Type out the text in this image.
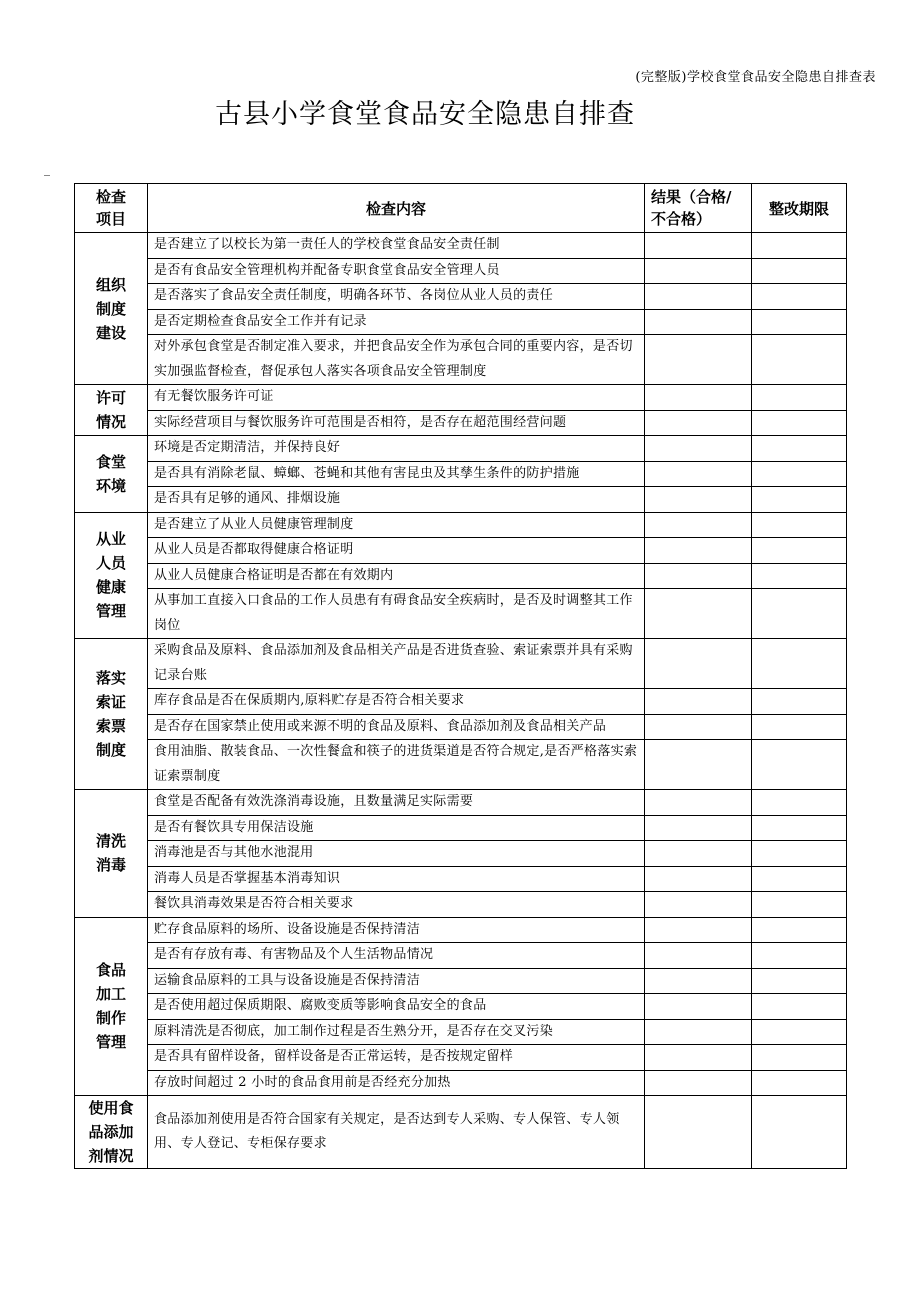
(完整版)学校食堂食品安全隐患自排查表
古县小学食堂食品安全隐患自排查
_
检查
项目	检查内容	结果（合格/不合格）	整改期限
组织
制度
建设	是否建立了以校长为第一责任人的学校食堂食品安全责任制		
	是否有食品安全管理机构并配备专职食堂食品安全管理人员		
	是否落实了食品安全责任制度，明确各环节、各岗位从业人员的责任		
	是否定期检查食品安全工作并有记录		
	对外承包食堂是否制定准入要求，并把食品安全作为承包合同的重要内容，是否切实加强监督检查，督促承包人落实各项食品安全管理制度		
许可
情况	有无餐饮服务许可证		
	实际经营项目与餐饮服务许可范围是否相符，是否存在超范围经营问题		
食堂
环境	环境是否定期清洁，并保持良好		
	是否具有消除老鼠、蟑螂、苍蝇和其他有害昆虫及其孳生条件的防护措施		
	是否具有足够的通风、排烟设施		
从业
人员
健康
管理	是否建立了从业人员健康管理制度		
	从业人员是否都取得健康合格证明		
	从业人员健康合格证明是否都在有效期内		
	从事加工直接入口食品的工作人员患有有碍食品安全疾病时，是否及时调整其工作岗位		
落实
索证
索票
制度	采购食品及原料、食品添加剂及食品相关产品是否进货查验、索证索票并具有采购记录台账		
	库存食品是否在保质期内,原料贮存是否符合相关要求		
	是否存在国家禁止使用或来源不明的食品及原料、食品添加剂及食品相关产品		
	食用油脂、散装食品、一次性餐盒和筷子的进货渠道是否符合规定,是否严格落实索证索票制度		
清洗
消毒	食堂是否配备有效洗涤消毒设施，且数量满足实际需要		
	是否有餐饮具专用保洁设施		
	消毒池是否与其他水池混用		
	消毒人员是否掌握基本消毒知识		
	餐饮具消毒效果是否符合相关要求		
食品
加工
制作
管理	贮存食品原料的场所、设备设施是否保持清洁		
	是否有存放有毒、有害物品及个人生活物品情况		
	运输食品原料的工具与设备设施是否保持清洁		
	是否使用超过保质期限、腐败变质等影响食品安全的食品		
	原料清洗是否彻底，加工制作过程是否生熟分开，是否存在交叉污染		
	是否具有留样设备，留样设备是否正常运转，是否按规定留样		
	存放时间超过 2 小时的食品食用前是否经充分加热		
使用食
品添加
剂情况	食品添加剂使用是否符合国家有关规定，是否达到专人采购、专人保管、专人领用、专人登记、专柜保存要求		
